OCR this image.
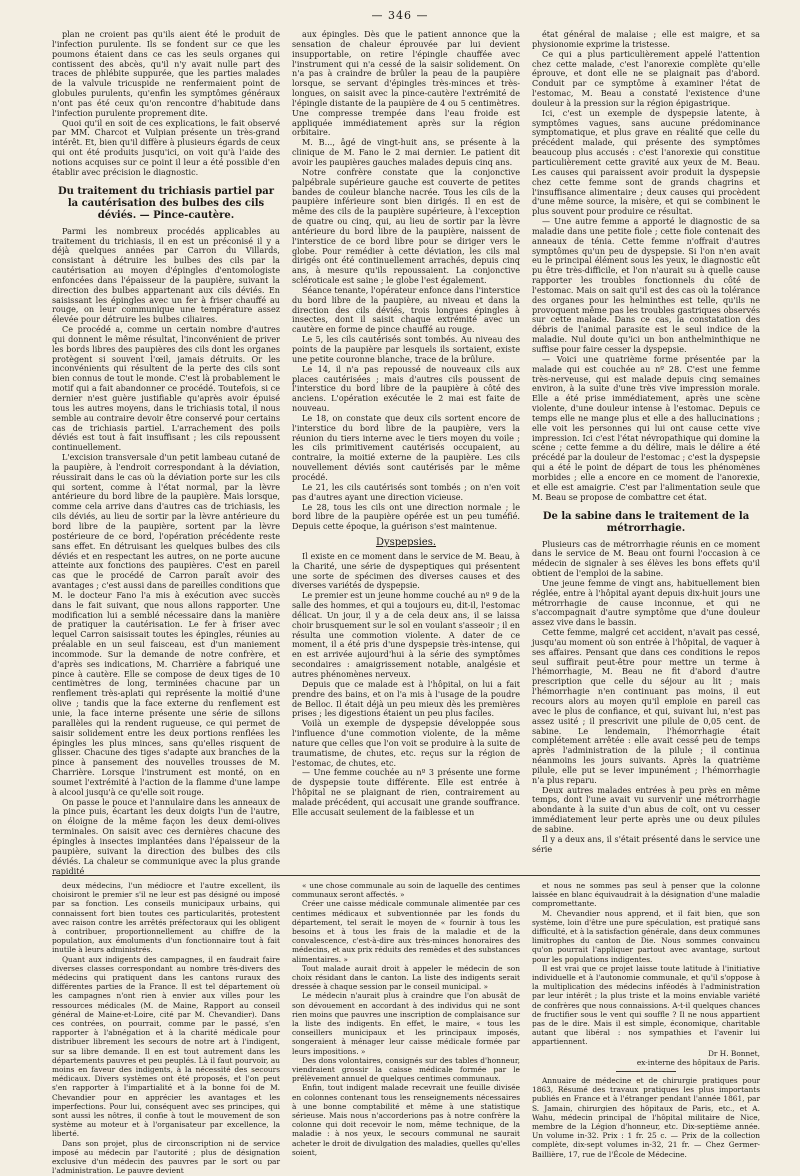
— 346 —

plan ne croient pas qu'ils aient été le produit de l'infection purulente. Ils se fondent sur ce que les poumons étaient dans ce cas les seuls organes qui contissent des abcès, qu'il n'y avait nulle part des traces de phlébite suppurée, que les parties malades de la valvule tricuspide ne renfermaient point de globules purulents, qu'enfin les symptômes généraux n'ont pas été ceux qu'on rencontre d'habitude dans l'infection purulente proprement dite.

Quoi qu'il en soit de ces explications, le fait observé par MM. Charcot et Vulpian présente un très-grand intérêt. Et, bien qu'il diffère à plusieurs égards de ceux qui ont été produits jusqu'ici, on voit qu'à l'aide des notions acquises sur ce point il leur a été possible d'en établir avec précision le diagnostic.

Du traitement du trichiasis partiel par la cautérisation des bulbes des cils déviés. — Pince-cautère.

Parmi les nombreux procédés applicables au traitement du trichiasis, il en est un préconisé il y a déjà quelques années par Carron du Villards, consistant à détruire les bulbes des cils par la cautérisation au moyen d'épingles d'entomologiste enfoncées dans l'épaisseur de la paupière, suivant la direction des bulbes appartenant aux cils déviés. En saisissant les épingles avec un fer à friser chauffé au rouge, on leur communique une température assez élevée pour détruire les bulbes ciliaires.

Ce procédé a, comme un certain nombre d'autres qui donnent le même résultat, l'inconvénient de priver les bords libres des paupières des cils dont les organes protègent si souvent l'œil, jamais détruits. Or les inconvénients qui résultent de la perte des cils sont bien connus de tout le monde. C'est là probablement le motif qui a fait abandonner ce procédé. Toutefois, si ce dernier n'est guère justifiable qu'après avoir épuisé tous les autres moyens, dans le trichiasis total, il nous semble au contraire devoir être conservé pour certains cas de trichiasis partiel. L'arrachement des poils déviés est tout à fait insuffisant ; les cils repoussent continuellement.

L'excision transversale d'un petit lambeau cutané de la paupière, à l'endroit correspondant à la déviation, réussirait dans le cas où la déviation porte sur les cils qui sortent, comme à l'état normal, par la lèvre antérieure du bord libre de la paupière. Mais lorsque, comme cela arrive dans d'autres cas de trichiasis, les cils déviés, au lieu de sortir par la lèvre antérieure du bord libre de la paupière, sortent par la lèvre postérieure de ce bord, l'opération précédente reste sans effet. En détruisant les quelques bulbes des cils déviés et en respectant les autres, on ne porte aucune atteinte aux fonctions des paupières. C'est en pareil cas que le procédé de Carron paraît avoir des avantages ; c'est aussi dans de pareilles conditions que M. le docteur Fano l'a mis à exécution avec succès dans le fait suivant, que nous allons rapporter. Une modification lui a semblé nécessaire dans la manière de pratiquer la cautérisation. Le fer à friser avec lequel Carron saisissait toutes les épingles, réunies au préalable en un seul faisceau, est d'un maniement incommode. Sur la demande de notre confrère, et d'après ses indications, M. Charrière a fabriqué une pince à cautère. Elle se compose de deux tiges de 10 centimètres de long, terminées chacune par un renflement très-aplati qui représente la moitié d'une olive ; tandis que la face externe du renflement est unie, la face interne présente une série de sillons parallèles qui la rendent rugueuse, ce qui permet de saisir solidement entre les deux portions renflées les épingles les plus minces, sans qu'elles risquent de glisser. Chacune des tiges s'adapte aux branches de la pince à pansement des nouvelles trousses de M. Charrière. Lorsque l'instrument est monté, on en soumet l'extrémité à l'action de la flamme d'une lampe à alcool jusqu'à ce qu'elle soit rouge.

On passe le pouce et l'annulaire dans les anneaux de la pince puis, écartant les deux doigts l'un de l'autre, on éloigne de la même façon les deux demi-olives terminales. On saisit avec ces dernières chacune des épingles à insectes implantées dans l'épaisseur de la paupière, suivant la direction des bulbes des cils déviés. La chaleur se communique avec la plus grande rapidité

aux épingles. Dès que le patient annonce que la sensation de chaleur éprouvée par lui devient insupportable, on retire l'épingle chauffée avec l'instrument qui n'a cessé de la saisir solidement. On n'a pas à craindre de brûler la peau de la paupière lorsque, se servant d'épingles très-minces et très-longues, on saisit avec la pince-cautère l'extrémité de l'épingle distante de la paupière de 4 ou 5 centimètres. Une compresse trempée dans l'eau froide est appliquée immédiatement après sur la région orbitaire.

M. B..., âgé de vingt-huit ans, se présente à la clinique de M. Fano le 2 mai dernier. Le patient dit avoir les paupières gauches malades depuis cinq ans.

Notre confrère constate que la conjonctive palpébrale supérieure gauche est couverte de petites bandes de couleur blanche nacrée. Tous les cils de la paupière inférieure sont bien dirigés. Il en est de même des cils de la paupière supérieure, à l'exception de quatre ou cinq, qui, au lieu de sortir par la lèvre antérieure du bord libre de la paupière, naissent de l'interstice de ce bord libre pour se diriger vers le globe. Pour remédier à cette déviation, les cils mal dirigés ont été continuellement arrachés, depuis cinq ans, à mesure qu'ils repoussaient. La conjonctive scléroticale est saine ; le globe l'est également.

Séance tenante, l'opérateur enfonce dans l'interstice du bord libre de la paupière, au niveau et dans la direction des cils déviés, trois longues épingles à insectes, dont il saisit chaque extrémité avec un cautère en forme de pince chauffé au rouge.

Le 5, les cils cautérisés sont tombés. Au niveau des points de la paupière par lesquels ils sortaient, existe une petite couronne blanche, trace de la brûlure.

Le 14, il n'a pas repoussé de nouveaux cils aux places cautérisées ; mais d'autres cils poussent de l'interstice du bord libre de la paupière à côté des anciens. L'opération exécutée le 2 mai est faite de nouveau.

Le 18, on constate que deux cils sortent encore de l'interstice du bord libre de la paupière, vers la réunion du tiers interne avec le tiers moyen du voile ; les cils primitivement cautérisés occupaient, au contraire, la moitié externe de la paupière. Les cils nouvellement déviés sont cautérisés par le même procédé.

Le 21, les cils cautérisés sont tombés ; on n'en voit pas d'autres ayant une direction vicieuse.

Le 28, tous les cils ont une direction normale ; le bord libre de la paupière opérée est un peu tuméfié. Depuis cette époque, la guérison s'est maintenue.

Dyspepsies.

Il existe en ce moment dans le service de M. Beau, à la Charité, une série de dyspeptiques qui présentent une sorte de spécimen des diverses causes et des diverses variétés de dyspepsie.

Le premier est un jeune homme couché au nº 9 de la salle des hommes, et qui a toujours eu, dit-il, l'estomac délicat. Un jour, il y a de cela deux ans, il se laissa choir brusquement sur le sol en voulant s'asseoir ; il en résulta une commotion violente. A dater de ce moment, il a été pris d'une dyspepsie très-intense, qui en est arrivée aujourd'hui à la série des symptômes secondaires : amaigrissement notable, analgésie et autres phénomènes nerveux.

Depuis que ce malade est à l'hôpital, on lui a fait prendre des bains, et on l'a mis à l'usage de la poudre de Belloc. Il était déjà un peu mieux dès les premières prises ; les digestions étaient un peu plus faciles.

Voilà un exemple de dyspepsie développée sous l'influence d'une commotion violente, de la même nature que celles que l'on voit se produire à la suite de traumatisme, de chutes, etc. reçus sur la région de l'estomac, de chutes, etc.

— Une femme couchée au nº 3 présente une forme de dyspepsie toute différente. Elle est entrée à l'hôpital ne se plaignant de rien, contrairement au malade précédent, qui accusait une grande souffrance. Elle accusait seulement de la faiblesse et un

état général de malaise ; elle est maigre, et sa physionomie exprime la tristesse.

Ce qui a plus particulièrement appelé l'attention chez cette malade, c'est l'anorexie complète qu'elle éprouve, et dont elle ne se plaignait pas d'abord. Conduit par ce symptôme à examiner l'état de l'estomac, M. Beau a constaté l'existence d'une douleur à la pression sur la région épigastrique.

Ici, c'est un exemple de dyspepsie latente, à symptômes vagues, sans aucune prédominance symptomatique, et plus grave en réalité que celle du précédent malade, qui présente des symptômes beaucoup plus accusés : c'est l'anorexie qui constitue particulièrement cette gravité aux yeux de M. Beau. Les causes qui paraissent avoir produit la dyspepsie chez cette femme sont de grands chagrins et l'insuffisance alimentaire ; deux causes qui procèdent d'une même source, la misère, et qui se combinent le plus souvent pour produire ce résultat.

— Une autre femme a apporté le diagnostic de sa maladie dans une petite fiole ; cette fiole contenait des anneaux de ténia. Cette femme n'offrait d'autres symptômes qu'un peu de dyspepsie. Si l'on n'en avait eu le principal élément sous les yeux, le diagnostic eût pu être très-difficile, et l'on n'aurait su à quelle cause rapporter les troubles fonctionnels du côté de l'estomac. Mais on sait qu'il est des cas où la tolérance des organes pour les helminthes est telle, qu'ils ne provoquent même pas les troubles gastriques observés sur cette malade. Dans ce cas, la constatation des débris de l'animal parasite est le seul indice de la maladie. Nul doute qu'ici un bon anthelminthique ne suffise pour faire cesser la dyspepsie.

— Voici une quatrième forme présentée par la malade qui est couchée au nº 28. C'est une femme très-nerveuse, qui est malade depuis cinq semaines environ, à la suite d'une très vive impression morale. Elle a été prise immédiatement, après une scène violente, d'une douleur intense à l'estomac. Depuis ce temps elle ne mange plus et elle a des hallucinations ; elle voit les personnes qui lui ont cause cette vive impression. Ici c'est l'état névropathique qui domine la scène ; cette femme a du délire, mais le délire a été précédé par la douleur de l'estomac ; c'est la dyspepsie qui a été le point de départ de tous les phénomènes morbides ; elle a encore en ce moment de l'anorexie, et elle est amaigrie. C'est par l'alimentation seule que M. Beau se propose de combattre cet état.

De la sabine dans le traitement de la métrorrhagie.

Plusieurs cas de métrorrhagie réunis en ce moment dans le service de M. Beau ont fourni l'occasion à ce médecin de signaler à ses élèves les bons effets qu'il obtient de l'emploi de la sabine.

Une jeune femme de vingt ans, habituellement bien réglée, entre à l'hôpital ayant depuis dix-huit jours une métrorrhagie de cause inconnue, et qui ne s'accompagnait d'autre symptôme que d'une douleur assez vive dans le bassin.

Cette femme, malgré cet accident, n'avait pas cessé, jusqu'au moment où son entrée à l'hôpital, de vaquer à ses affaires. Pensant que dans ces conditions le repos seul suffirait peut-être pour mettre un terme à l'hémorrhagie, M. Beau ne fit d'abord d'autre prescription que celle du séjour au lit ; mais l'hémorrhagie n'en continuant pas moins, il eut recours alors au moyen qu'il emploie en pareil cas avec le plus de confiance, et qui, suivant lui, n'est pas assez usité ; il prescrivit une pilule de 0,05 cent. de sabine. Le lendemain, l'hémorrhagie était complétement arrêtée : elle avait cessé peu de temps après l'administration de la pilule ; il continua néanmoins les jours suivants. Après la quatrième pilule, elle put se lever impunément ; l'hémorrhagie n'a plus reparu.

Deux autres malades entrées à peu près en même temps, dont l'une avait vu survenir une métrorrhagie abondante à la suite d'un abus de coït, ont vu cesser immédiatement leur perte après une ou deux pilules de sabine.

Il y a deux ans, il s'était présenté dans le service une série

deux médecins, l'un médiocre et l'autre excellent, ils choisiront le premier s'il ne leur est pas désigné ou imposé par sa fonction. Les conseils municipaux urbains, qui connaissent fort bien toutes ces particularités, protestent avec raison contre les arrêtés préfectoraux qui les obligent à contribuer, proportionnellement au chiffre de la population, aux émoluments d'un fonctionnaire tout à fait inutile à leurs administrés.

Quant aux indigents des campagnes, il en faudrait faire diverses classes correspondant au nombre très-divers des médecins qui pratiquent dans les cantons ruraux des différentes parties de la France. Il est tel département où les campagnes n'ont rien à envier aux villes pour les ressources médicales (M. de Maine, Rapport au conseil général de Maine-et-Loire, cité par M. Chevandier). Dans ces contrées, on pourrait, comme par le passé, s'en rapporter à l'abnégation et à la charité médicale pour distribuer librement les secours de notre art à l'indigent, sur sa libre demande. Il en est tout autrement dans les départements pauvres et peu peuplés. Là il faut pourvoir, au moins en faveur des indigents, à la nécessité des secours médicaux. Divers systèmes ont été proposés, et l'on peut s'en rapporter à l'impartialité et à la bonne foi de M. Chevandier pour en apprécier les avantages et les imperfections. Pour lui, conséquent avec ses principes, qui sont aussi les nôtres, il confie à tout le mouvement de son système au moteur et à l'organisateur par excellence, la liberté.

Dans son projet, plus de circonscription ni de service imposé au médecin par l'autorité ; plus de désignation exclusive d'un médecin des pauvres par le sort ou par l'administration. Le pauvre devient

« une chose communale au soin de laquelle des centimes communaux seront affectés. »

Créer une caisse médicale communale alimentée par ces centimes médicaux et subventionnée par les fonds du département, tel serait le moyen de « fournir à tous les besoins et à tous les frais de la maladie et de la convalescence, c'est-à-dire aux très-minces honoraires des médecins, et aux prix réduits des remèdes et des substances alimentaires. »

Tout malade aurait droit à appeler le médecin de son choix résidant dans le canton. La liste des indigents serait dressée à chaque session par le conseil municipal. »

Le médecin n'aurait plus à craindre que l'on abusât de son dévouement en accordant à des individus qui ne sont rien moins que pauvres une inscription de complaisance sur la liste des indigents. En effet, le maire, « tous les conseillers municipaux et les principaux imposés, songeraient à ménager leur caisse médicale formée par leurs impositions. »

Des dons volontaires, consignés sur des tables d'honneur, viendraient grossir la caisse médicale formée par le prélèvement annuel de quelques centimes communaux.

Enfin, tout indigent malade recevrait une feuille divisée en colonnes contenant tous les renseignements nécessaires à une bonne comptabilité et même à une statistique sérieuse. Mais nous n'accorderions pas à notre confrère la colonne qui doit recevoir le nom, même technique, de la maladie : à nos yeux, le secours communal ne saurait acheter le droit de divulgation des maladies, quelles qu'elles soient,

et nous ne sommes pas seul à penser que la colonne laissée en blanc équivaudrait à la désignation d'une maladie compromettante.

M. Chevandier nous apprend, et il fait bien, que son système, loin d'être une pure spéculation, est pratiqué sans difficulté, et à la satisfaction générale, dans deux communes limitrophes du canton de Die. Nous sommes convaincu qu'on pourrait l'appliquer partout avec avantage, surtout pour les populations indigentes.

Il est vrai que ce projet laisse toute latitude à l'initiative individuelle et à l'autonomie communale, et qu'il s'oppose à la multiplication des médecins inféodés à l'administration par leur intérêt ; la plus triste et la moins enviable variété de confrères que nous connaissions. A-t-il quelques chances de fructifier sous le vent qui souffle ? Il ne nous appartient pas de le dire. Mais il est simple, économique, charitable autant que libéral : nos sympathies et l'avenir lui appartiennent.

Dr H. Bonnet,
ex-interne des hôpitaux de Paris.

Annuaire de médecine et de chirurgie pratiques pour 1863, Résumé des travaux pratiques les plus importants publiés en France et à l'étranger pendant l'année 1861, par S. Jamain, chirurgien des hôpitaux de Paris, etc., et A. Wahu, médecin principal de l'hôpital militaire de Nice, membre de la Légion d'honneur, etc. Dix-septième année. Un volume in-32. Prix : 1 fr. 25 c. — Prix de la collection complète, dix-sept volumes in-32, 21 fr. — Chez Germer-Baillière, 17, rue de l'École de Médecine.
